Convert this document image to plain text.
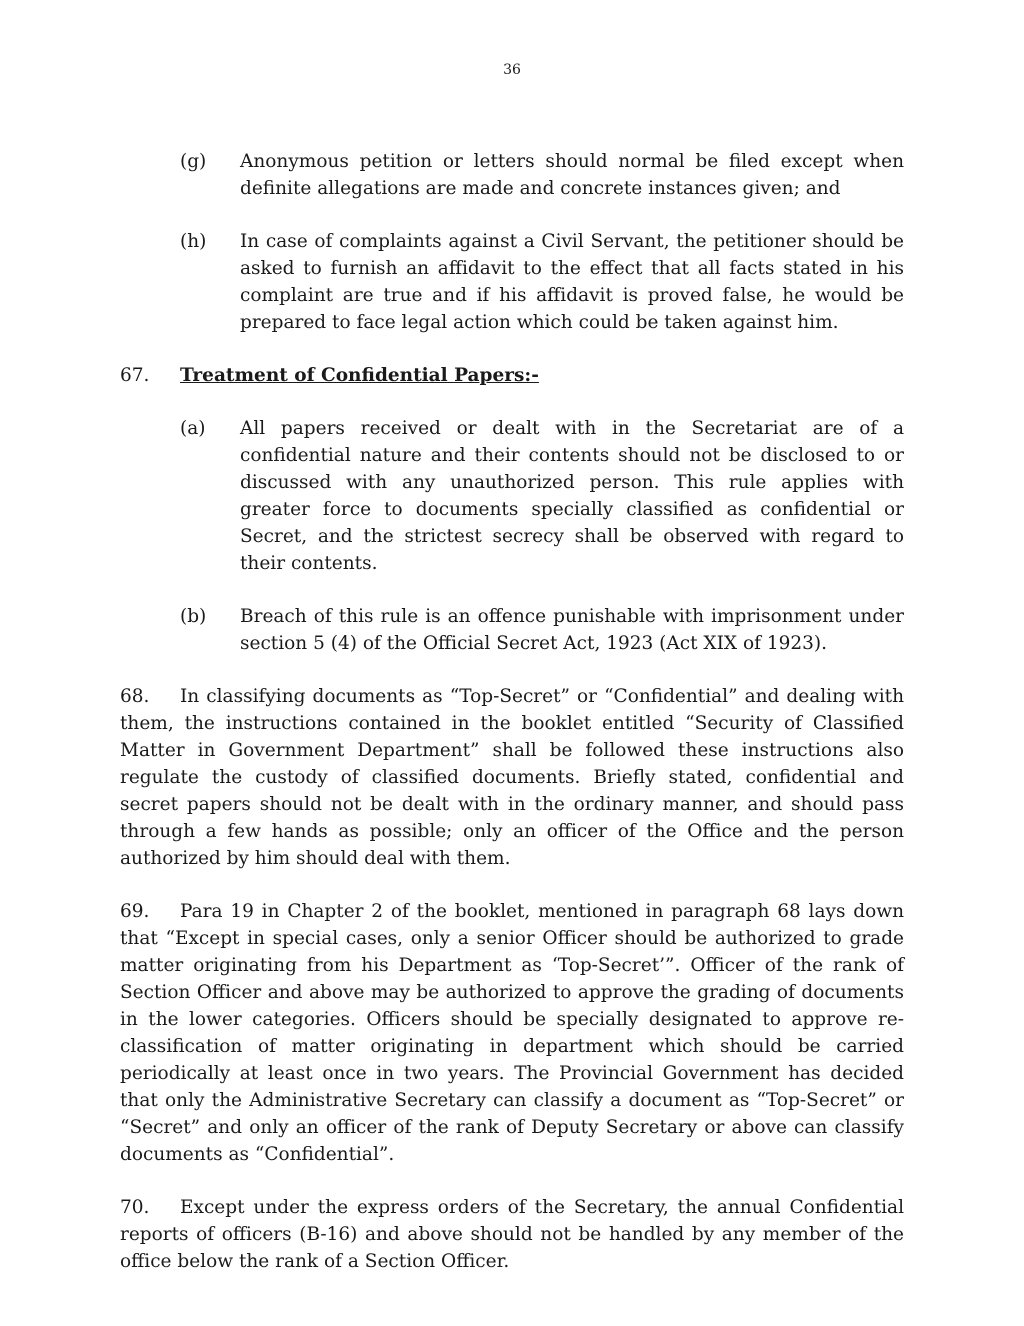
36
(g)	Anonymous petition or letters should normal be filed except when definite allegations are made and concrete instances given; and
(h)	In case of complaints against a Civil Servant, the petitioner should be asked to furnish an affidavit to the effect that all facts stated in his complaint are true and if his affidavit is proved false, he would be prepared to face legal action which could be taken against him.
67.	Treatment of Confidential Papers:-
(a)	All papers received or dealt with in the Secretariat are of a confidential nature and their contents should not be disclosed to or discussed with any unauthorized person. This rule applies with greater force to documents specially classified as confidential or Secret, and the strictest secrecy shall be observed with regard to their contents.
(b)	Breach of this rule is an offence punishable with imprisonment under section 5 (4) of the Official Secret Act, 1923 (Act XIX of 1923).
68. In classifying documents as “Top-Secret” or “Confidential” and dealing with them, the instructions contained in the booklet entitled “Security of Classified Matter in Government Department” shall be followed these instructions also regulate the custody of classified documents. Briefly stated, confidential and secret papers should not be dealt with in the ordinary manner, and should pass through a few hands as possible; only an officer of the Office and the person authorized by him should deal with them.
69. Para 19 in Chapter 2 of the booklet, mentioned in paragraph 68 lays down that “Except in special cases, only a senior Officer should be authorized to grade matter originating from his Department as ‘Top-Secret’”. Officer of the rank of Section Officer and above may be authorized to approve the grading of documents in the lower categories. Officers should be specially designated to approve re-classification of matter originating in department which should be carried periodically at least once in two years. The Provincial Government has decided that only the Administrative Secretary can classify a document as “Top-Secret” or “Secret” and only an officer of the rank of Deputy Secretary or above can classify documents as “Confidential”.
70. Except under the express orders of the Secretary, the annual Confidential reports of officers (B-16) and above should not be handled by any member of the office below the rank of a Section Officer.
